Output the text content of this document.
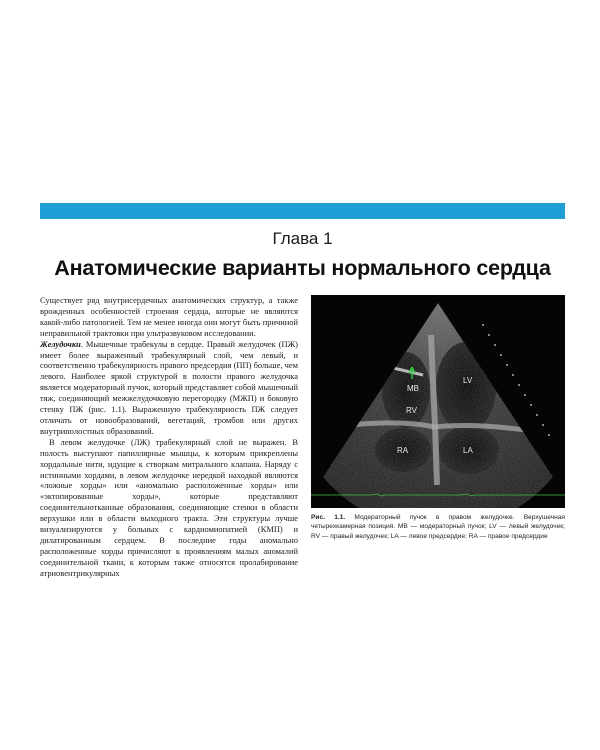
Глава 1
Анатомические варианты нормального сердца

Существует ряд внутрисердечных анатомических структур, а также врожденных особенностей строения сердца, которые не являются какой-либо патологией. Тем не менее иногда они могут быть причиной неправильной трактовки при ультразвуковом исследовании.

Желудочки. Мышечные трабекулы в сердце. Правый желудочек (ПЖ) имеет более выраженный трабекулярный слой, чем левый, и соответственно трабекулярность правого предсердия (ПП) больше, чем левого. Наиболее яркой структурой в полости правого желудочка является модераторный пучок, который представляет собой мышечный тяж, соединяющий межжелудочковую перегородку (МЖП) и боковую стенку ПЖ (рис. 1.1). Выраженную трабекулярность ПЖ следует отличать от новообразований, вегетаций, тромбов или других внутриполостных образований.

В левом желудочке (ЛЖ) трабекулярный слой не выражен. В полость выступают папиллярные мышцы, к которым прикреплены хордальные нити, идущие к створкам митрального клапана. Наряду с истинными хордами, в левом желудочке нередкой находкой являются «ложные хорды» или «аномально расположенные хорды» или «эктопированные хорды», которые представляют соединительнотканные образования, соединяющие стенки в области верхушки или в области выходного тракта. Эти структуры лучше визуализируются у больных с кардиомиопатией (КМП) и дилатированным сердцем. В последние годы аномально расположенные хорды причисляют к проявлениям малых аномалий соединительной ткани, к которым также относятся пролабирование атриовентрикулярных

MB
LV
RV
RA	LA
Рис. 1.1. Модераторный пучок в правом желудочке. Верхушечная четырехкамерная позиция. MB — модераторный пучок; LV — левый желудочек; RV — правый желудочек; LA — левое предсердие; RA — правое предсердие
